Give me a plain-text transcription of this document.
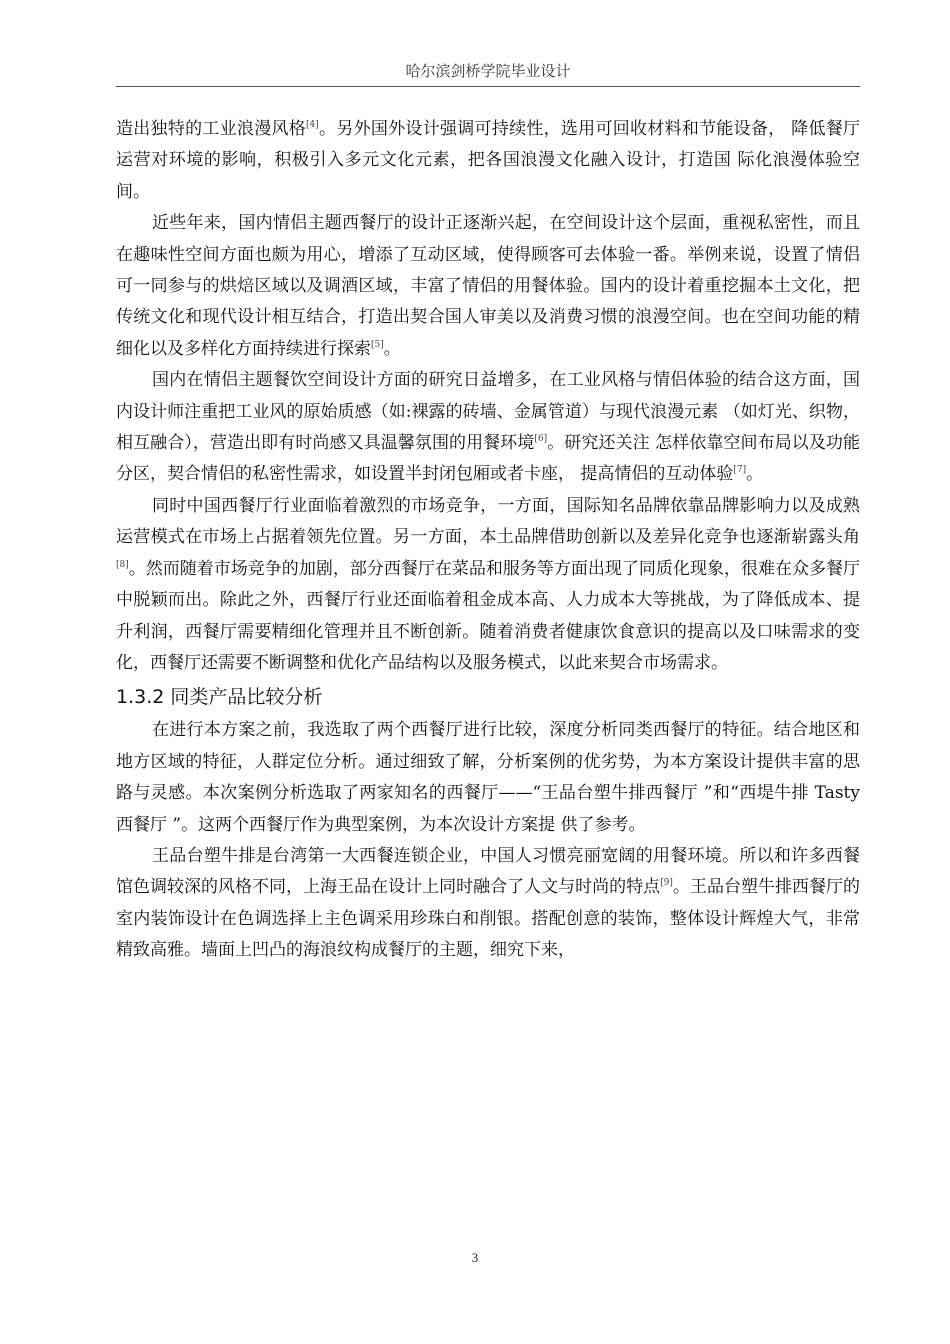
哈尔滨剑桥学院毕业设计

造出独特的工业浪漫风格[4]。另外国外设计强调可持续性，选用可回收材料和节能设备， 降低餐厅运营对环境的影响，积极引入多元文化元素，把各国浪漫文化融入设计，打造国 际化浪漫体验空间。

近些年来，国内情侣主题西餐厅的设计正逐渐兴起，在空间设计这个层面，重视私密性，而且在趣味性空间方面也颇为用心，增添了互动区域，使得顾客可去体验一番。举例来说，设置了情侣可一同参与的烘焙区域以及调酒区域，丰富了情侣的用餐体验。国内的设计着重挖掘本土文化，把传统文化和现代设计相互结合，打造出契合国人审美以及消费习惯的浪漫空间。也在空间功能的精细化以及多样化方面持续进行探索[5]。

国内在情侣主题餐饮空间设计方面的研究日益增多，在工业风格与情侣体验的结合这方面，国内设计师注重把工业风的原始质感（如:裸露的砖墙、金属管道）与现代浪漫元素 （如灯光、织物，相互融合），营造出即有时尚感又具温馨氛围的用餐环境[6]。研究还关注 怎样依靠空间布局以及功能分区，契合情侣的私密性需求，如设置半封闭包厢或者卡座， 提高情侣的互动体验[7]。

同时中国西餐厅行业面临着激烈的市场竞争，一方面，国际知名品牌依靠品牌影响力以及成熟运营模式在市场上占据着领先位置。另一方面，本土品牌借助创新以及差异化竞争也逐渐崭露头角[8]。然而随着市场竞争的加剧，部分西餐厅在菜品和服务等方面出现了同质化现象，很难在众多餐厅中脱颖而出。除此之外，西餐厅行业还面临着租金成本高、人力成本大等挑战，为了降低成本、提升利润，西餐厅需要精细化管理并且不断创新。随着消费者健康饮食意识的提高以及口味需求的变化，西餐厅还需要不断调整和优化产品结构以及服务模式，以此来契合市场需求。

1.3.2 同类产品比较分析

在进行本方案之前，我选取了两个西餐厅进行比较，深度分析同类西餐厅的特征。结合地区和地方区域的特征，人群定位分析。通过细致了解，分析案例的优劣势，为本方案设计提供丰富的思路与灵感。本次案例分析选取了两家知名的西餐厅——“王品台塑牛排西餐厅 ”和“西堤牛排 Tasty 西餐厅 ”。这两个西餐厅作为典型案例，为本次设计方案提 供了参考。

王品台塑牛排是台湾第一大西餐连锁企业，中国人习惯亮丽宽阔的用餐环境。所以和许多西餐馆色调较深的风格不同，上海王品在设计上同时融合了人文与时尚的特点[9]。王品台塑牛排西餐厅的室内装饰设计在色调选择上主色调采用珍珠白和削银。搭配创意的装饰，整体设计辉煌大气，非常精致高雅。墙面上凹凸的海浪纹构成餐厅的主题，细究下来，

3
